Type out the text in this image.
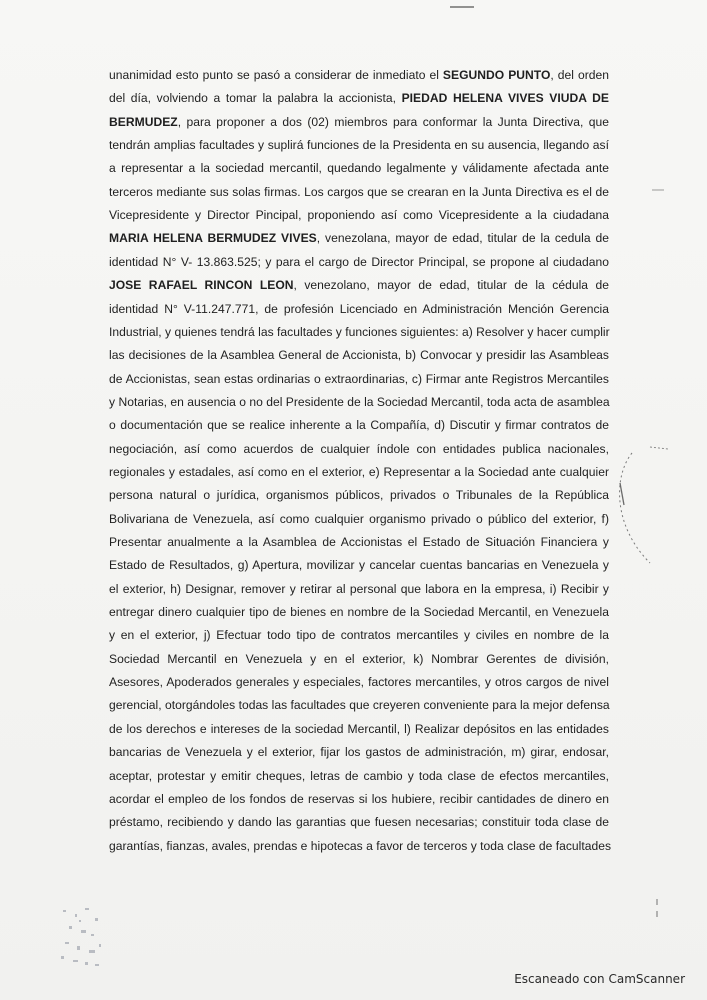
unanimidad esto punto se pasó a considerar de inmediato el SEGUNDO PUNTO, del orden
del día, volviendo a tomar la palabra la accionista, PIEDAD HELENA VIVES VIUDA DE
BERMUDEZ, para proponer a dos (02) miembros para conformar la Junta Directiva, que
tendrán amplias facultades y suplirá funciones de la Presidenta en su ausencia, llegando así
a representar a la sociedad mercantil, quedando legalmente y válidamente afectada ante
terceros mediante sus solas firmas. Los cargos que se crearan en la Junta Directiva es el de
Vicepresidente y Director Pincipal, proponiendo así como Vicepresidente a la ciudadana
MARIA HELENA BERMUDEZ VIVES, venezolana, mayor de edad, titular de la cedula de
identidad N° V- 13.863.525; y para el cargo de Director Principal, se propone al ciudadano
JOSE RAFAEL RINCON LEON, venezolano, mayor de edad, titular de la cédula de
identidad N° V-11.247.771, de profesión Licenciado en Administración Mención Gerencia
Industrial, y quienes tendrá las facultades y funciones siguientes: a) Resolver y hacer cumplir
las decisiones de la Asamblea General de Accionista, b) Convocar y presidir las Asambleas
de Accionistas, sean estas ordinarias o extraordinarias, c) Firmar ante Registros Mercantiles
y Notarias, en ausencia o no del Presidente de la Sociedad Mercantil, toda acta de asamblea
o documentación que se realice inherente a la Compañía, d) Discutir y firmar contratos de
negociación, así como acuerdos de cualquier índole con entidades publica nacionales,
regionales y estadales, así como en el exterior, e) Representar a la Sociedad ante cualquier
persona natural o jurídica, organismos públicos, privados o Tribunales de la República
Bolivariana de Venezuela, así como cualquier organismo privado o público del exterior, f)
Presentar anualmente a la Asamblea de Accionistas el Estado de Situación Financiera y
Estado de Resultados, g) Apertura, movilizar y cancelar cuentas bancarias en Venezuela y
el exterior, h) Designar, remover y retirar al personal que labora en la empresa, i) Recibir y
entregar dinero cualquier tipo de bienes en nombre de la Sociedad Mercantil, en Venezuela
y en el exterior, j) Efectuar todo tipo de contratos mercantiles y civiles en nombre de la
Sociedad Mercantil en Venezuela y en el exterior, k) Nombrar Gerentes de división,
Asesores, Apoderados generales y especiales, factores mercantiles, y otros cargos de nivel
gerencial, otorgándoles todas las facultades que creyeren conveniente para la mejor defensa
de los derechos e intereses de la sociedad Mercantil, l) Realizar depósitos en las entidades
bancarias de Venezuela y el exterior, fijar los gastos de administración, m) girar, endosar,
aceptar, protestar y emitir cheques, letras de cambio y toda clase de efectos mercantiles,
acordar el empleo de los fondos de reservas si los hubiere, recibir cantidades de dinero en
préstamo, recibiendo y dando las garantias que fuesen necesarias; constituir toda clase de
garantías, fianzas, avales, prendas e hipotecas a favor de terceros y toda clase de facultades
Escaneado con CamScanner
